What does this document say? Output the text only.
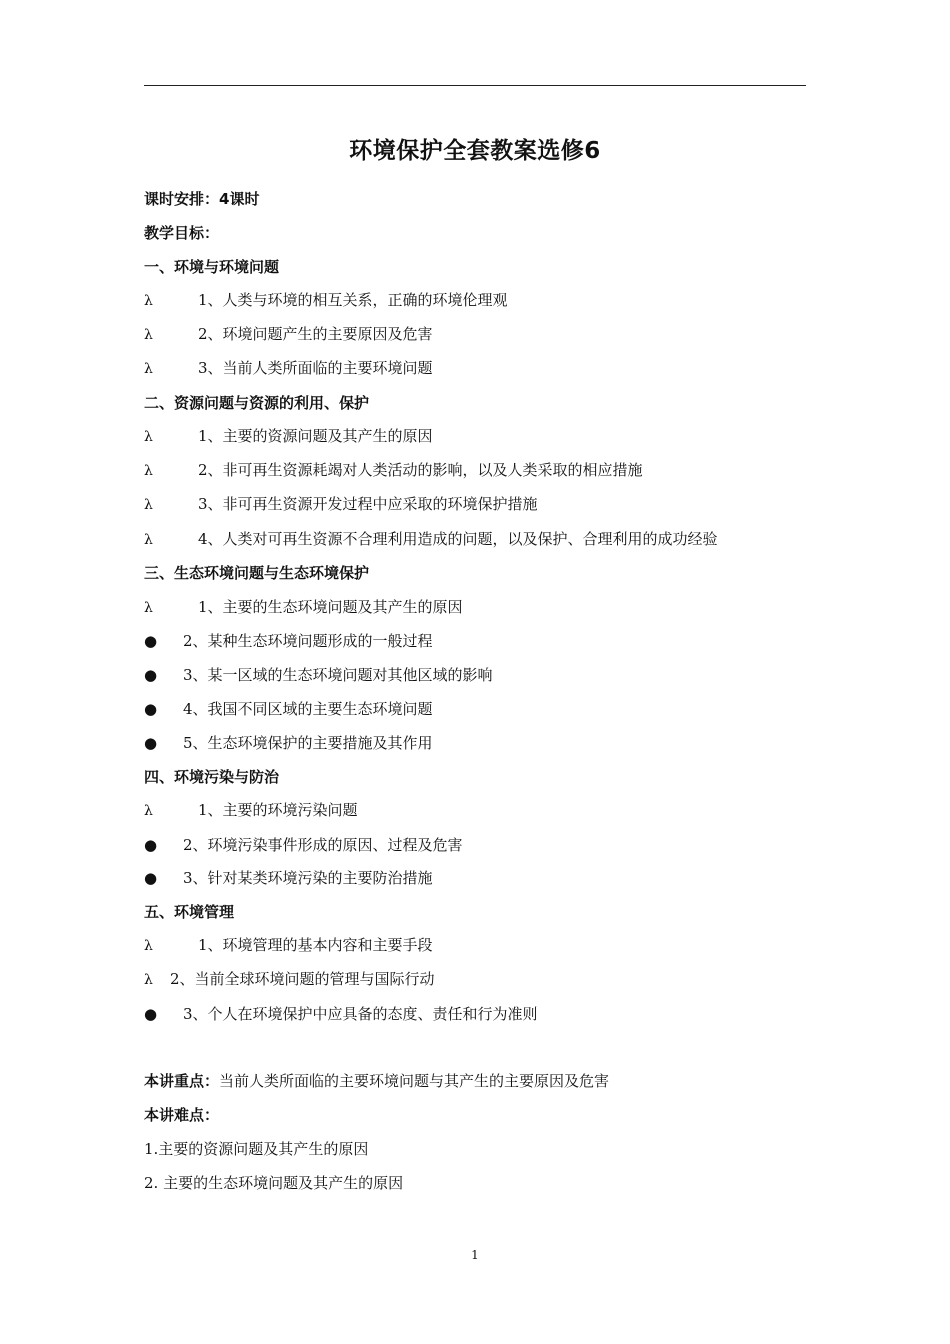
环境保护全套教案选修6
课时安排：4课时
教学目标：
一、环境与环境问题
λ	1、人类与环境的相互关系，正确的环境伦理观
λ	2、环境问题产生的主要原因及危害
λ	3、当前人类所面临的主要环境问题
二、资源问题与资源的利用、保护
λ	1、主要的资源问题及其产生的原因
λ	2、非可再生资源耗竭对人类活动的影响，以及人类采取的相应措施
λ	3、非可再生资源开发过程中应采取的环境保护措施
λ	4、人类对可再生资源不合理利用造成的问题，以及保护、合理利用的成功经验
三、生态环境问题与生态环境保护
λ	1、主要的生态环境问题及其产生的原因
● 2、某种生态环境问题形成的一般过程
● 3、某一区域的生态环境问题对其他区域的影响
● 4、我国不同区域的主要生态环境问题
● 5、生态环境保护的主要措施及其作用
四、环境污染与防治
λ	1、主要的环境污染问题
● 2、环境污染事件形成的原因、过程及危害
● 3、针对某类环境污染的主要防治措施
五、环境管理
λ	1、环境管理的基本内容和主要手段
λ 2、当前全球环境问题的管理与国际行动
● 3、个人在环境保护中应具备的态度、责任和行为准则
本讲重点：当前人类所面临的主要环境问题与其产生的主要原因及危害
本讲难点：
1.主要的资源问题及其产生的原因
2. 主要的生态环境问题及其产生的原因
1
